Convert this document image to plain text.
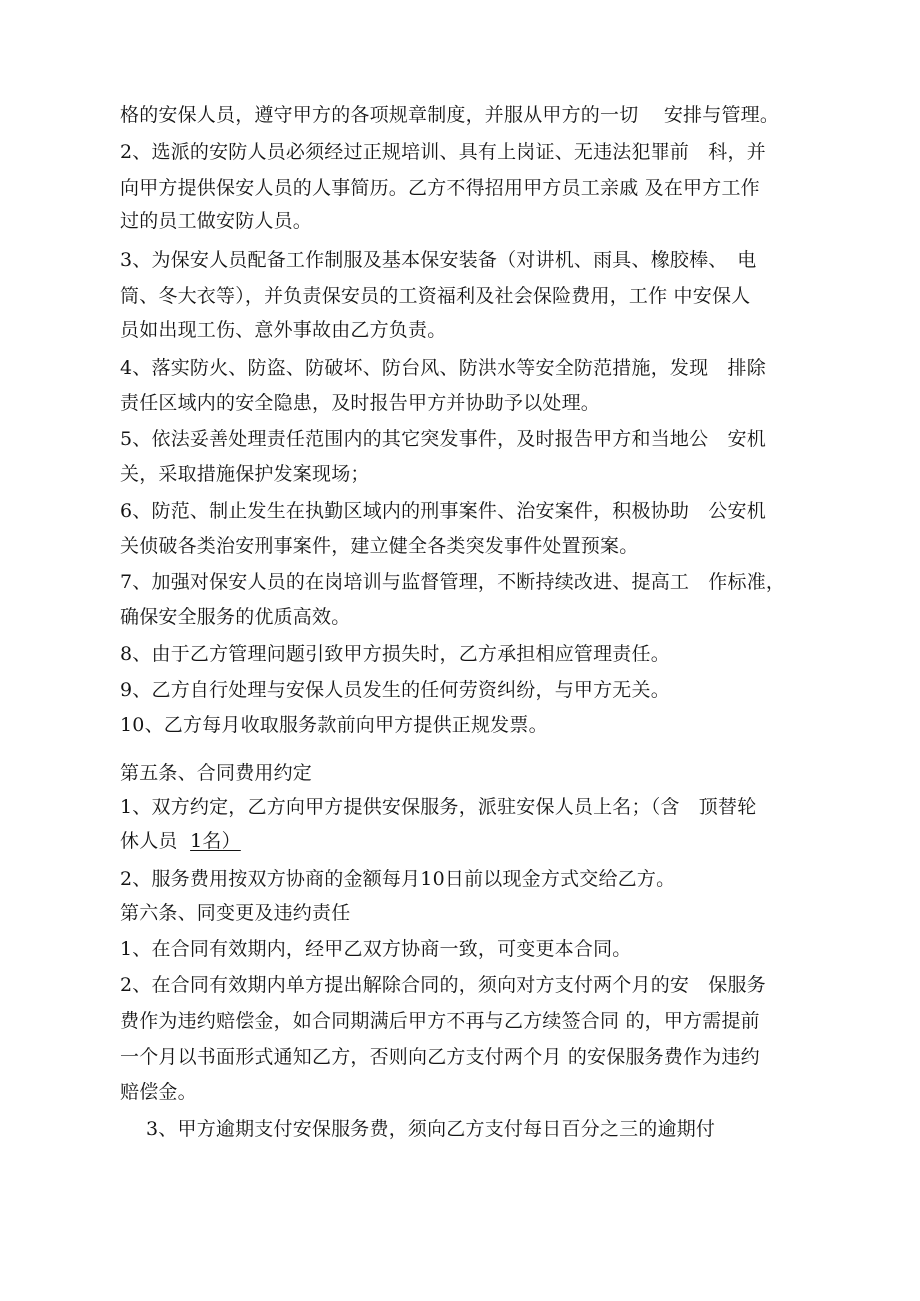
格的安保人员，遵守甲方的各项规章制度，并服从甲方的一切　 安排与管理。
2、选派的安防人员必须经过正规培训、具有上岗证、无违法犯罪前　科，并
向甲方提供保安人员的人事简历。乙方不得招用甲方员工亲戚 及在甲方工作
过的员工做安防人员。
3、为保安人员配备工作制服及基本保安装备（对讲机、雨具、橡胶棒、　电
筒、冬大衣等），并负责保安员的工资福利及社会保险费用，工作 中安保人
员如出现工伤、意外事故由乙方负责。
4、落实防火、防盗、防破坏、防台风、防洪水等安全防范措施，发现　排除
责任区域内的安全隐患，及时报告甲方并协助予以处理。
5、依法妥善处理责任范围内的其它突发事件，及时报告甲方和当地公　安机
关，采取措施保护发案现场；
6、防范、制止发生在执勤区域内的刑事案件、治安案件，积极协助　公安机
关侦破各类治安刑事案件，建立健全各类突发事件处置预案。
7、加强对保安人员的在岗培训与监督管理，不断持续改进、提高工　作标准，
确保安全服务的优质高效。
8、由于乙方管理问题引致甲方损失时，乙方承担相应管理责任。
9、乙方自行处理与安保人员发生的任何劳资纠纷，与甲方无关。
10、乙方每月收取服务款前向甲方提供正规发票。
第五条、合同费用约定
1、双方约定，乙方向甲方提供安保服务，派驻安保人员上名；（含　顶替轮
休人员 1名）
2、服务费用按双方协商的金额每月10日前以现金方式交给乙方。
第六条、同变更及违约责任
1、在合同有效期内，经甲乙双方协商一致，可变更本合同。
2、在合同有效期内单方提出解除合同的，须向对方支付两个月的安　保服务
费作为违约赔偿金，如合同期满后甲方不再与乙方续签合同 的，甲方需提前
一个月以书面形式通知乙方，否则向乙方支付两个月 的安保服务费作为违约
赔偿金。
3、甲方逾期支付安保服务费，须向乙方支付每日百分之三的逾期付
